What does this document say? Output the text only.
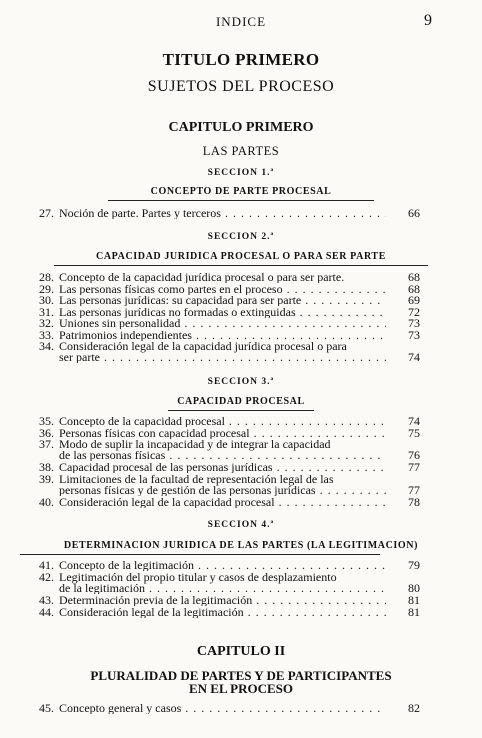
INDICE	9
TITULO PRIMERO
SUJETOS DEL PROCESO
CAPITULO PRIMERO
LAS PARTES
SECCION 1.ª
CONCEPTO DE PARTE PROCESAL
27. Noción de parte. Partes y terceros . . .	66
SECCION 2.ª
CAPACIDAD JURIDICA PROCESAL O PARA SER PARTE
28. Concepto de la capacidad jurídica procesal o para ser parte.	68
29. Las personas físicas como partes en el proceso . . .	68
30. Las personas jurídicas: su capacidad para ser parte . . .	69
31. Las personas jurídicas no formadas o extinguidas . . .	72
32. Uniones sin personalidad . . .	73
33. Patrimonios independientes . . .	73
34. Consideración legal de la capacidad jurídica procesal o para
ser parte . . .	74
SECCION 3.ª
CAPACIDAD PROCESAL
35. Concepto de la capacidad procesal . . .	74
36. Personas físicas con capacidad procesal . . .	75
37. Modo de suplir la incapacidad y de integrar la capacidad
de las personas físicas . . .	76
38. Capacidad procesal de las personas jurídicas . . .	77
39. Limitaciones de la facultad de representación legal de las
personas físicas y de gestión de las personas jurídicas . . .	77
40. Consideración legal de la capacidad procesal . . .	78
SECCION 4.ª
DETERMINACION JURIDICA DE LAS PARTES (LA LEGITIMACION)
41. Concepto de la legitimación . . .	79
42. Legitimación del propio titular y casos de desplazamiento
de la legitimación . . .	80
43. Determinación previa de la legitimación . . .	81
44. Consideración legal de la legitimación . . .	81
CAPITULO II
PLURALIDAD DE PARTES Y DE PARTICIPANTES
EN EL PROCESO
45. Concepto general y casos . . .	82
